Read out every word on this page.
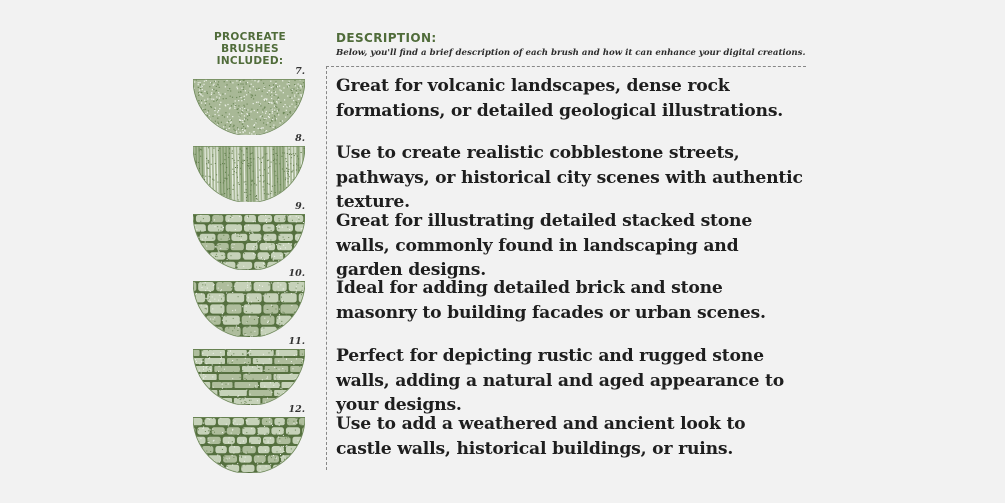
PROCREATE
BRUSHES INCLUDED:
DESCRIPTION:
Below, you'll find a brief description of each brush and how it can enhance your digital creations.
7.
Great for volcanic landscapes, dense rock formations, or detailed geological illustrations.
8.
Use to create realistic cobblestone streets, pathways, or historical city scenes with authentic texture.
9.
Great for illustrating detailed stacked stone walls, commonly found in landscaping and garden designs.
10.
Ideal for adding detailed brick and stone masonry to building facades or urban scenes.
11.
Perfect for depicting rustic and rugged stone walls, adding a natural and aged appearance to your designs.
12.
Use to add a weathered and ancient look to castle walls, historical buildings, or ruins.
